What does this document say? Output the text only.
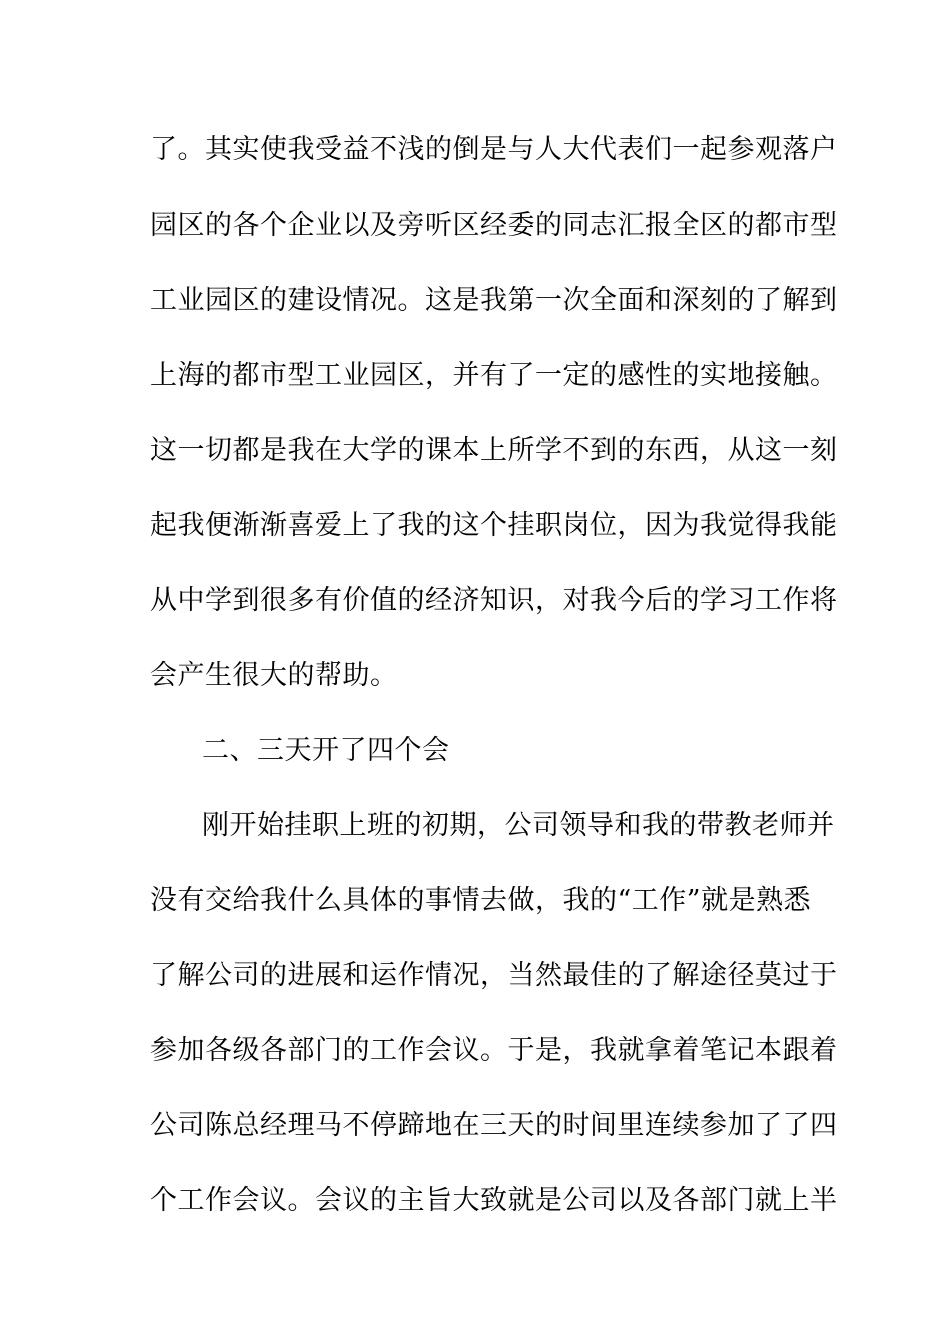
了。其实使我受益不浅的倒是与人大代表们一起参观落户
园区的各个企业以及旁听区经委的同志汇报全区的都市型
工业园区的建设情况。这是我第一次全面和深刻的了解到
上海的都市型工业园区，并有了一定的感性的实地接触。
这一切都是我在大学的课本上所学不到的东西，从这一刻
起我便渐渐喜爱上了我的这个挂职岗位，因为我觉得我能
从中学到很多有价值的经济知识，对我今后的学习工作将
会产生很大的帮助。
二、三天开了四个会
刚开始挂职上班的初期，公司领导和我的带教老师并
没有交给我什么具体的事情去做，我的“工作”就是熟悉
了解公司的进展和运作情况，当然最佳的了解途径莫过于
参加各级各部门的工作会议。于是，我就拿着笔记本跟着
公司陈总经理马不停蹄地在三天的时间里连续参加了了四
个工作会议。会议的主旨大致就是公司以及各部门就上半
